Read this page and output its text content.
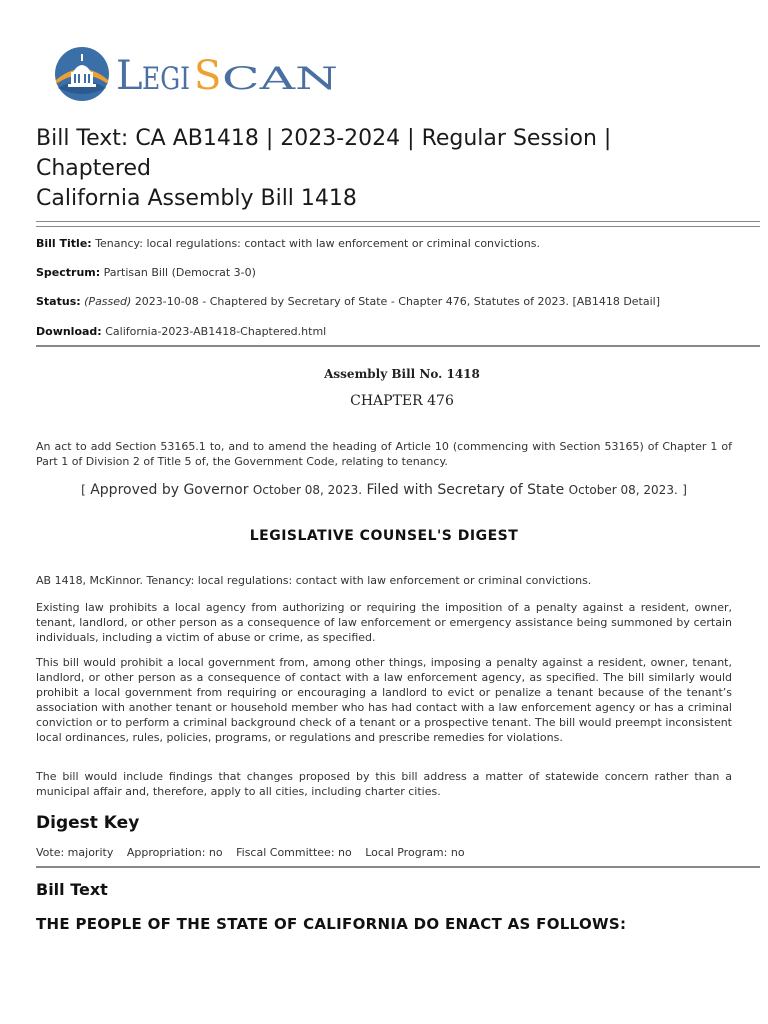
L EGI S CAN
Bill Text: CA AB1418 | 2023-2024 | Regular Session |
Chaptered
California Assembly Bill 1418
Bill Title: Tenancy: local regulations: contact with law enforcement or criminal convictions.
Spectrum: Partisan Bill (Democrat 3-0)
Status: (Passed) 2023-10-08 - Chaptered by Secretary of State - Chapter 476, Statutes of 2023. [AB1418 Detail]
Download: California-2023-AB1418-Chaptered.html
Assembly Bill No. 1418
CHAPTER 476
An act to add Section 53165.1 to, and to amend the heading of Article 10 (commencing with Section 53165) of Chapter 1 of Part 1 of Division 2 of Title 5 of, the Government Code, relating to tenancy.
[ Approved by Governor October 08, 2023. Filed with Secretary of State October 08, 2023. ]
LEGISLATIVE COUNSEL'S DIGEST
AB 1418, McKinnor. Tenancy: local regulations: contact with law enforcement or criminal convictions.
Existing law prohibits a local agency from authorizing or requiring the imposition of a penalty against a resident, owner, tenant, landlord, or other person as a consequence of law enforcement or emergency assistance being summoned by certain individuals, including a victim of abuse or crime, as specified.
This bill would prohibit a local government from, among other things, imposing a penalty against a resident, owner, tenant, landlord, or other person as a consequence of contact with a law enforcement agency, as specified. The bill similarly would prohibit a local government from requiring or encouraging a landlord to evict or penalize a tenant because of the tenant’s association with another tenant or household member who has had contact with a law enforcement agency or has a criminal conviction or to perform a criminal background check of a tenant or a prospective tenant. The bill would preempt inconsistent local ordinances, rules, policies, programs, or regulations and prescribe remedies for violations.
The bill would include findings that changes proposed by this bill address a matter of statewide concern rather than a municipal affair and, therefore, apply to all cities, including charter cities.
Digest Key
Vote: majority Appropriation: no Fiscal Committee: no Local Program: no
Bill Text
THE PEOPLE OF THE STATE OF CALIFORNIA DO ENACT AS FOLLOWS:
